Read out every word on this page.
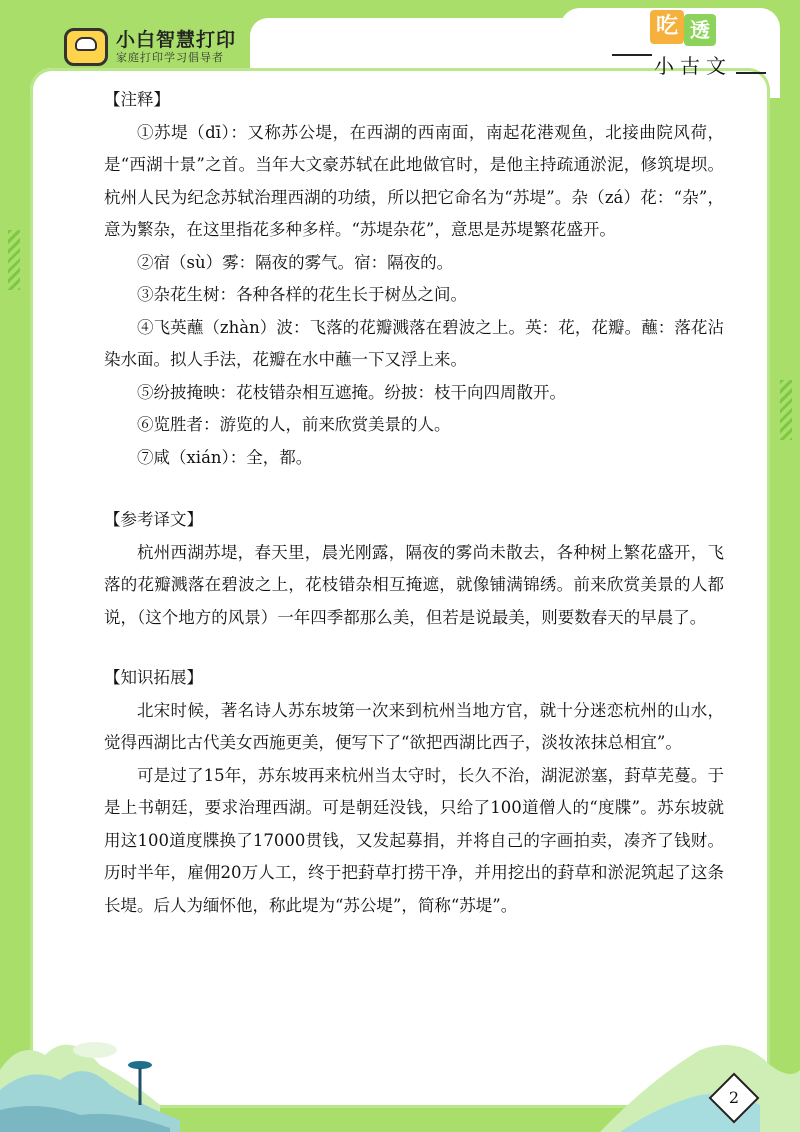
小白智慧打印
家庭打印学习倡导者
吃 透
小古文

【注释】

①苏堤（dī）：又称苏公堤，在西湖的西南面，南起花港观鱼，北接曲院风荷，是“西湖十景”之首。当年大文豪苏轼在此地做官时，是他主持疏通淤泥，修筑堤坝。杭州人民为纪念苏轼治理西湖的功绩，所以把它命名为“苏堤”。杂（zá）花：“杂”，意为繁杂，在这里指花多种多样。“苏堤杂花”，意思是苏堤繁花盛开。

②宿（sù）雾：隔夜的雾气。宿：隔夜的。

③杂花生树：各种各样的花生长于树丛之间。

④飞英蘸（zhàn）波：飞落的花瓣溅落在碧波之上。英：花，花瓣。蘸：落花沾染水面。拟人手法，花瓣在水中蘸一下又浮上来。

⑤纷披掩映：花枝错杂相互遮掩。纷披：枝干向四周散开。

⑥览胜者：游览的人，前来欣赏美景的人。

⑦咸（xián）：全，都。

【参考译文】

杭州西湖苏堤，春天里，晨光刚露，隔夜的雾尚未散去，各种树上繁花盛开，飞落的花瓣溅落在碧波之上，花枝错杂相互掩遮，就像铺满锦绣。前来欣赏美景的人都说，（这个地方的风景）一年四季都那么美，但若是说最美，则要数春天的早晨了。

【知识拓展】

北宋时候，著名诗人苏东坡第一次来到杭州当地方官，就十分迷恋杭州的山水，觉得西湖比古代美女西施更美，便写下了“欲把西湖比西子，淡妆浓抹总相宜”。

可是过了15年，苏东坡再来杭州当太守时，长久不治，湖泥淤塞，葑草芜蔓。于是上书朝廷，要求治理西湖。可是朝廷没钱，只给了100道僧人的“度牒”。苏东坡就用这100道度牒换了17000贯钱，又发起募捐，并将自己的字画拍卖，凑齐了钱财。历时半年，雇佣20万人工，终于把葑草打捞干净，并用挖出的葑草和淤泥筑起了这条长堤。后人为缅怀他，称此堤为“苏公堤”，简称“苏堤”。

2
